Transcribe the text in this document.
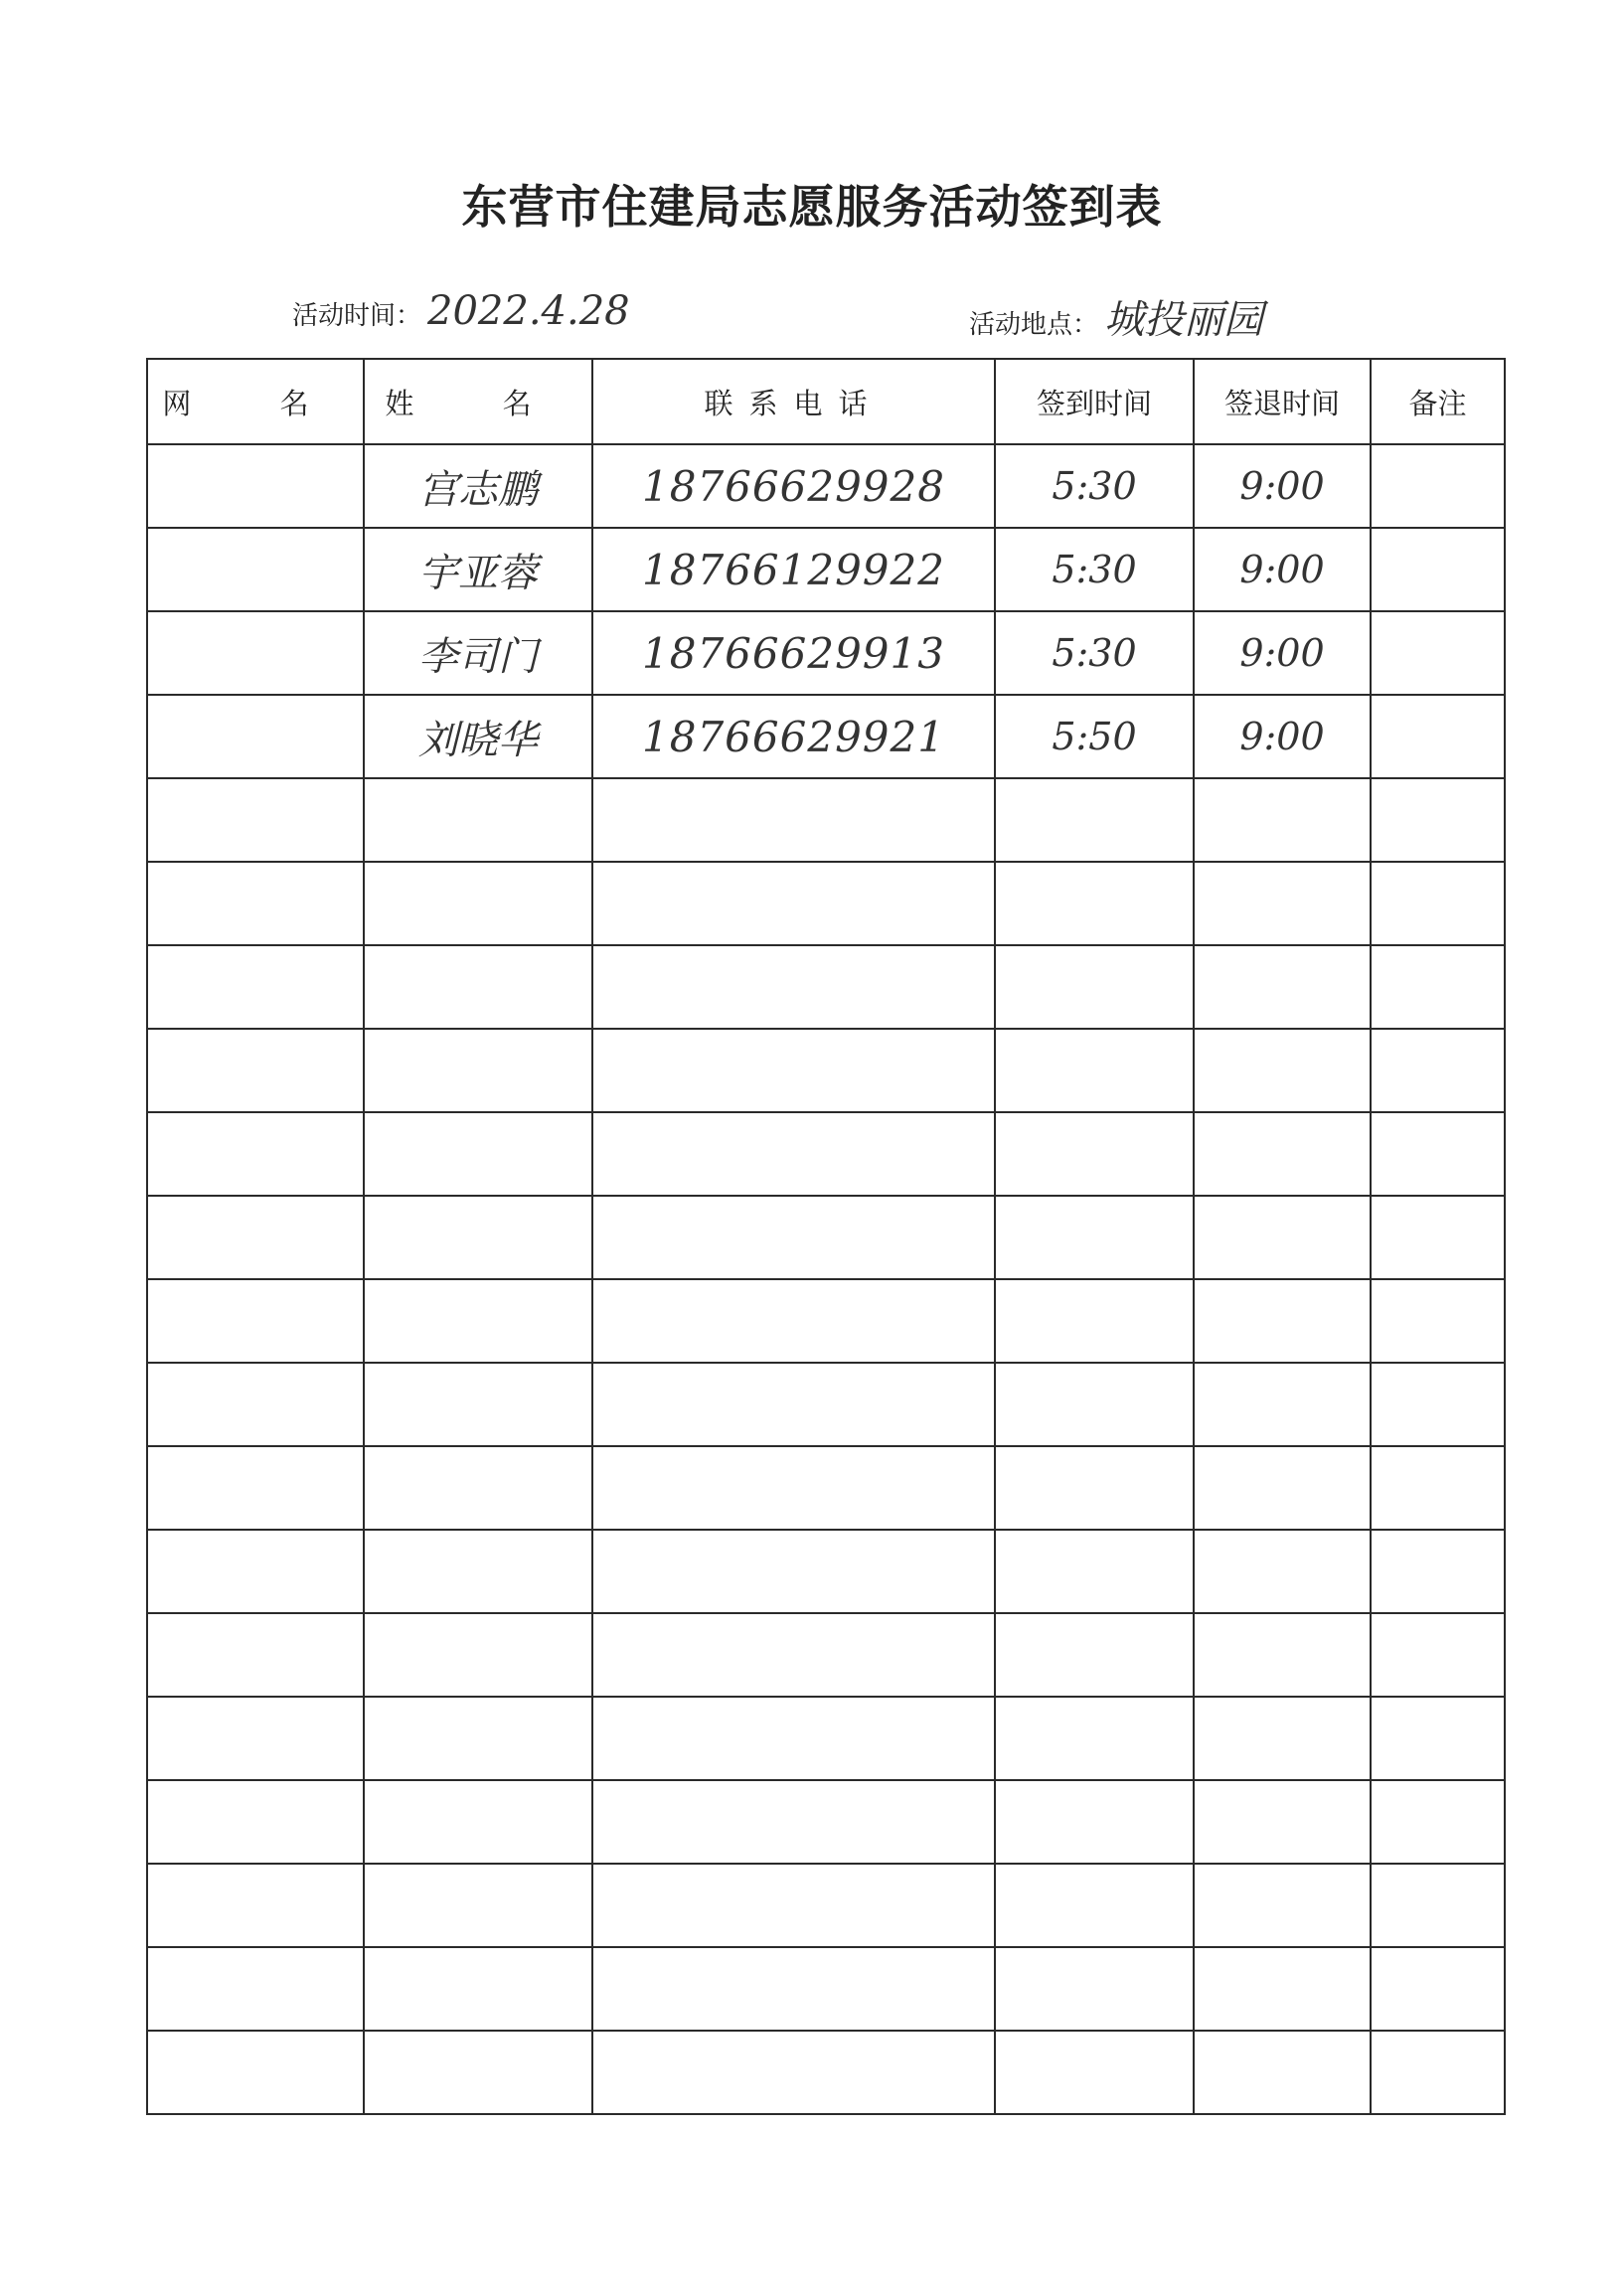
东营市住建局志愿服务活动签到表
活动时间： 2022.4.28	活动地点： 城投丽园
网 名	姓 名	联系电话	签到时间	签退时间	备注
	宫志鹏	18766629928	5:30	9:00	
	宇亚蓉	18766129922	5:30	9:00	
	李司门	18766629913	5:30	9:00	
	刘晓华	18766629921	5:50	9:00	
